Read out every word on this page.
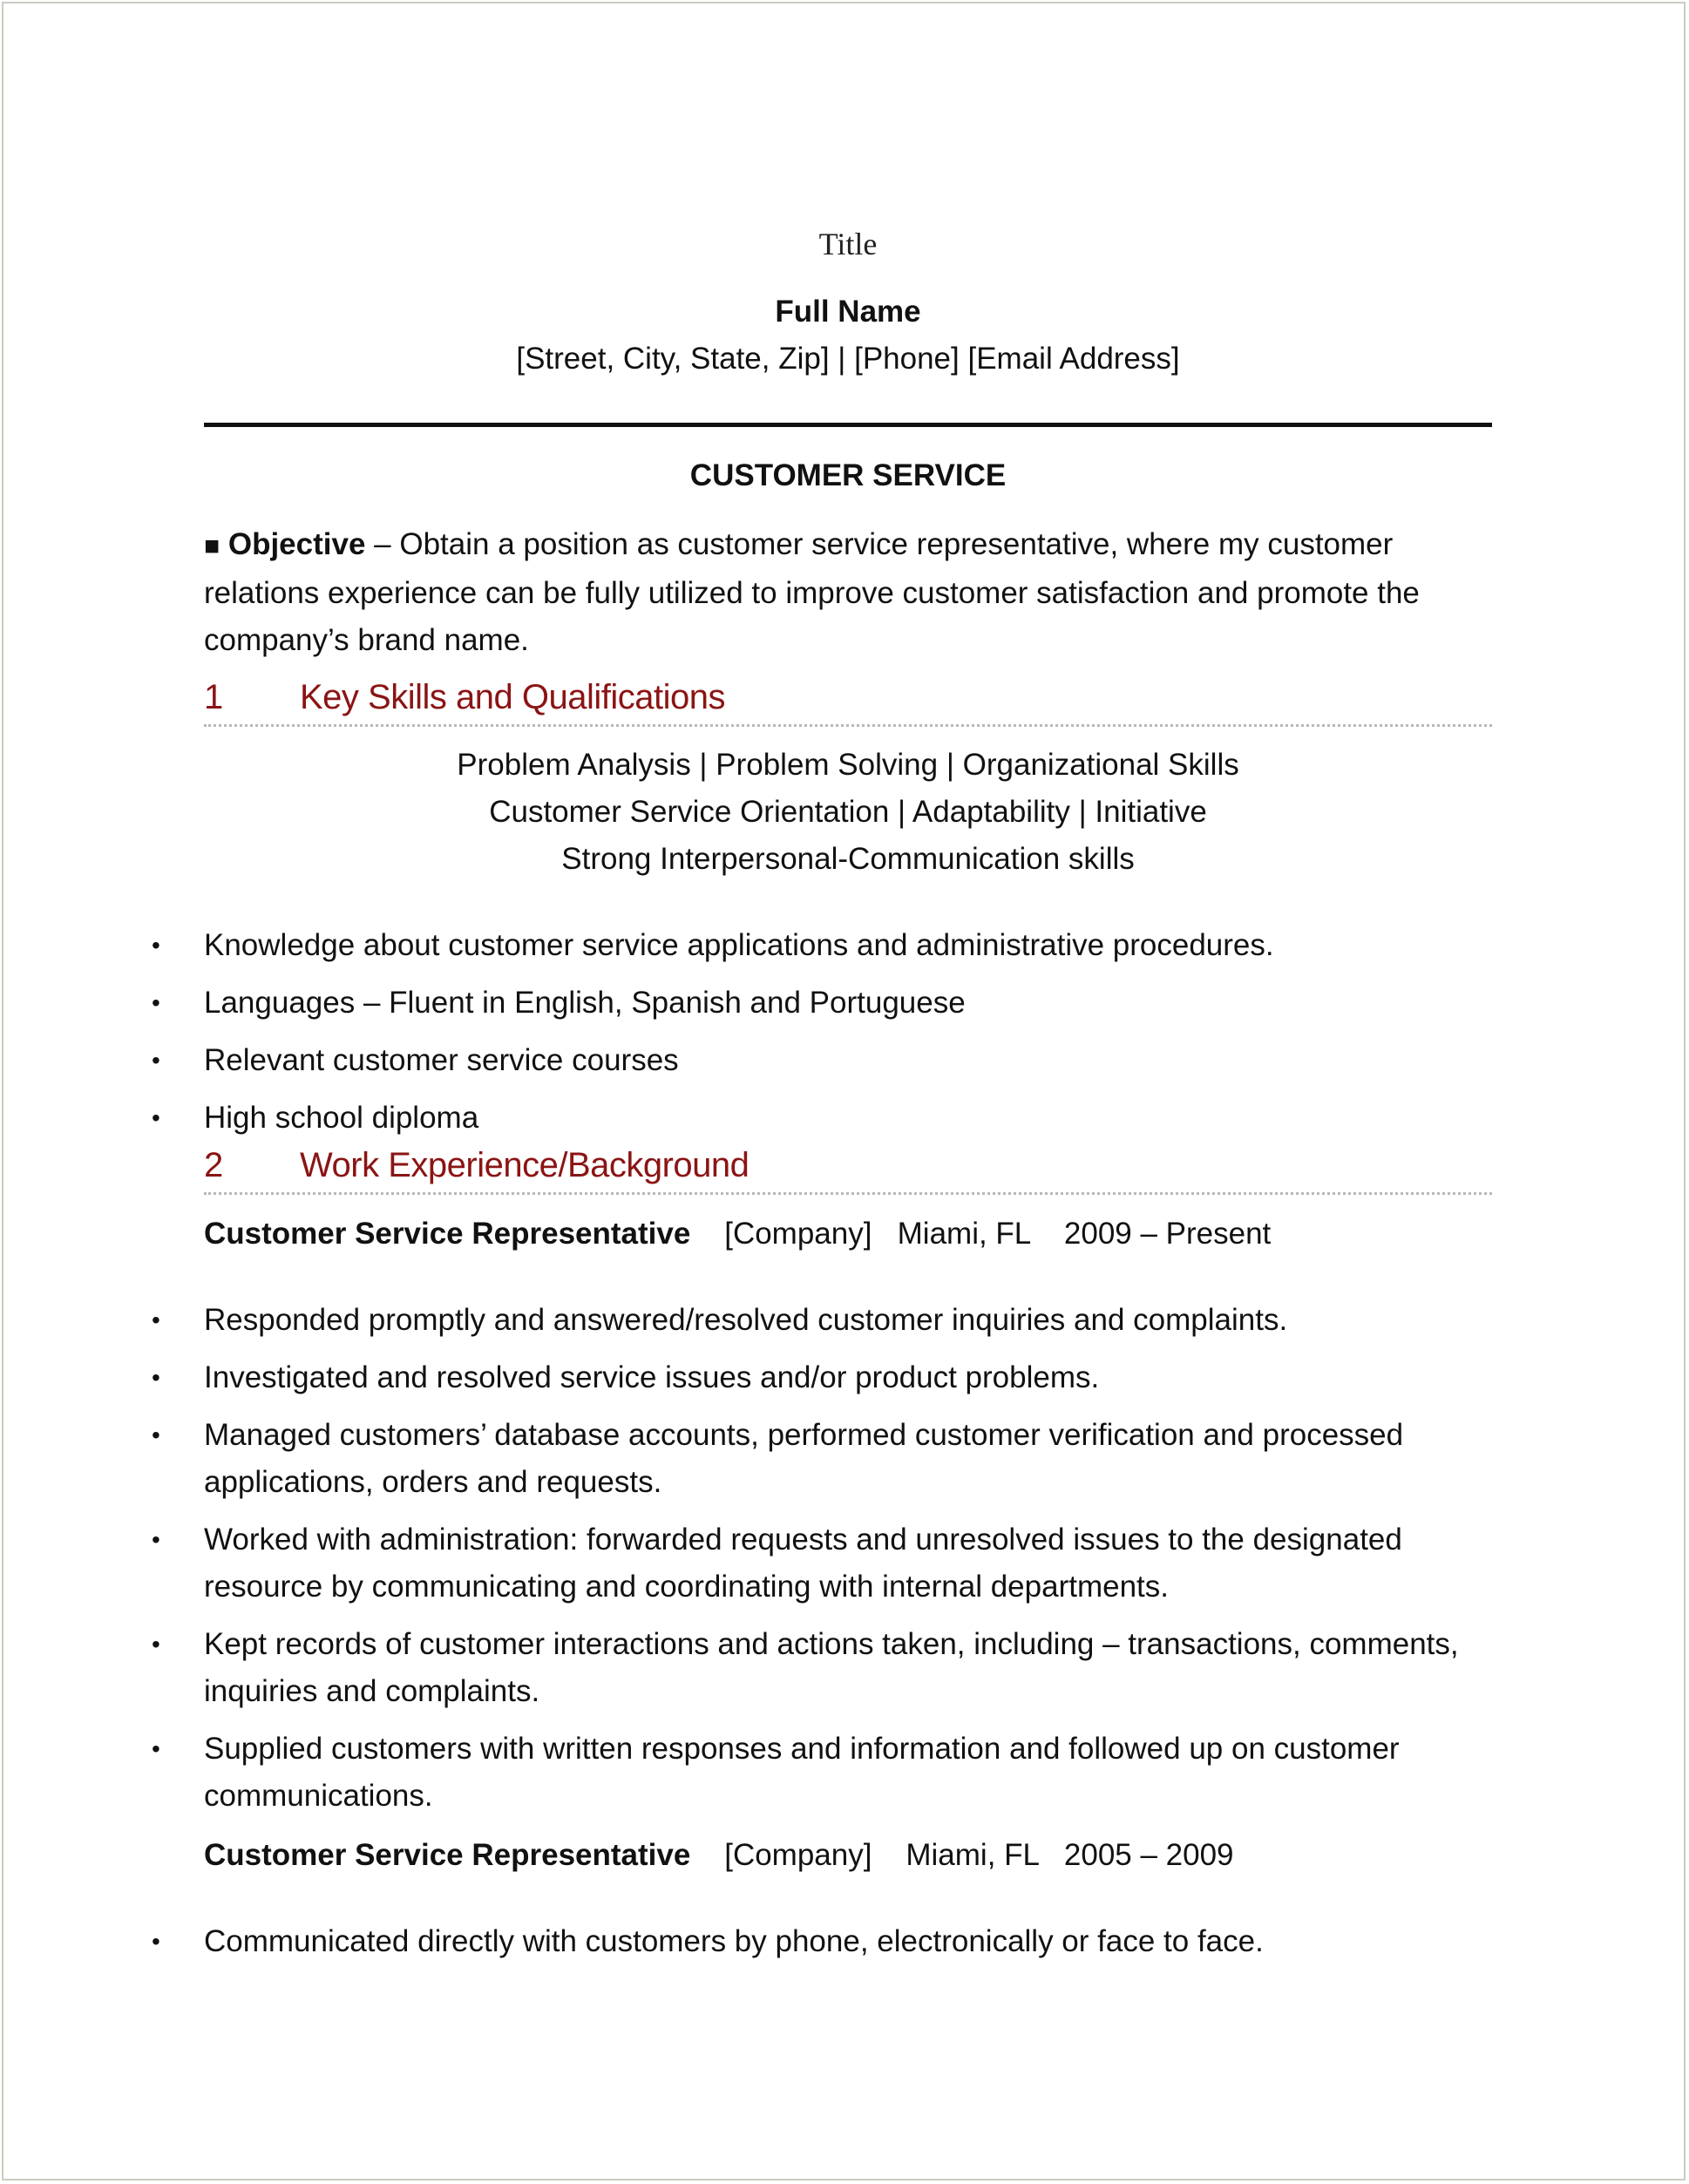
Title
Full Name
[Street, City, State, Zip] | [Phone] [Email Address]
CUSTOMER SERVICE
■ Objective – Obtain a position as customer service representative, where my customer relations experience can be fully utilized to improve customer satisfaction and promote the company’s brand name.
1 Key Skills and Qualifications
Problem Analysis | Problem Solving | Organizational Skills
Customer Service Orientation | Adaptability | Initiative
Strong Interpersonal-Communication skills
• Knowledge about customer service applications and administrative procedures.
• Languages – Fluent in English, Spanish and Portuguese
• Relevant customer service courses
• High school diploma
2 Work Experience/Background
Customer Service Representative [Company] Miami, FL 2009 – Present
• Responded promptly and answered/resolved customer inquiries and complaints.
• Investigated and resolved service issues and/or product problems.
• Managed customers’ database accounts, performed customer verification and processed applications, orders and requests.
• Worked with administration: forwarded requests and unresolved issues to the designated resource by communicating and coordinating with internal departments.
• Kept records of customer interactions and actions taken, including – transactions, comments, inquiries and complaints.
• Supplied customers with written responses and information and followed up on customer communications.
Customer Service Representative [Company] Miami, FL 2005 – 2009
• Communicated directly with customers by phone, electronically or face to face.
